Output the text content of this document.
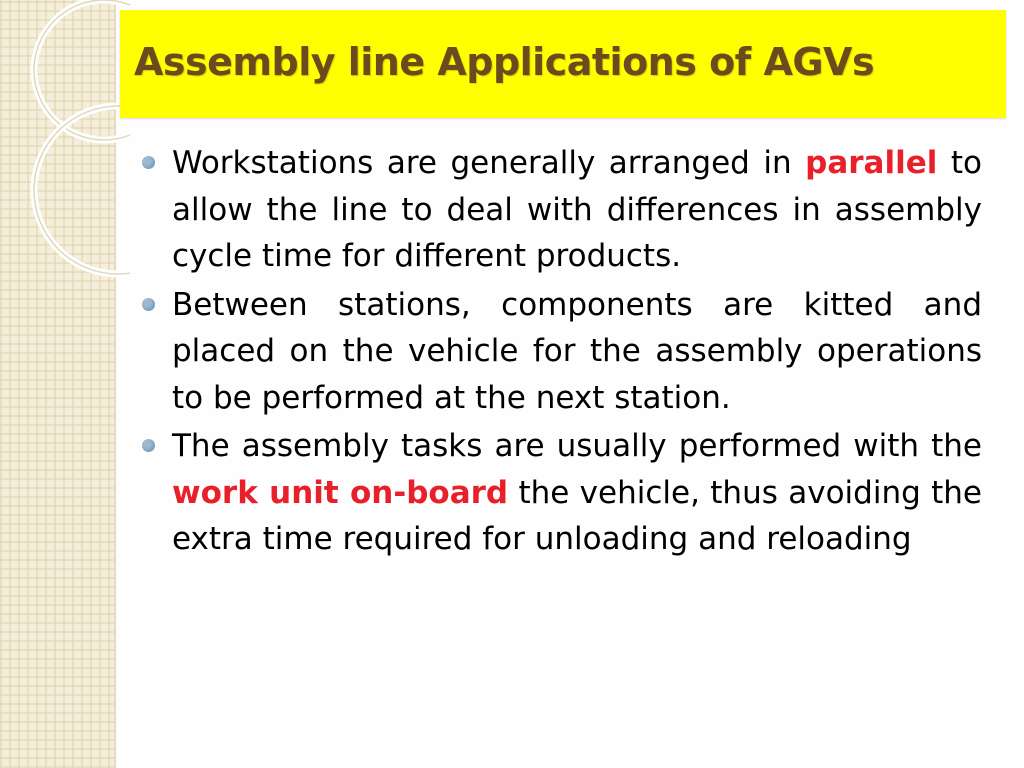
Assembly line Applications of AGVs
Workstations are generally arranged in parallel to allow the line to deal with differences in assembly cycle time for different products.
Between stations, components are kitted and placed on the vehicle for the assembly operations to be performed at the next station.
The assembly tasks are usually performed with the work unit on-board the vehicle, thus avoiding the extra time required for unloading and reloading
